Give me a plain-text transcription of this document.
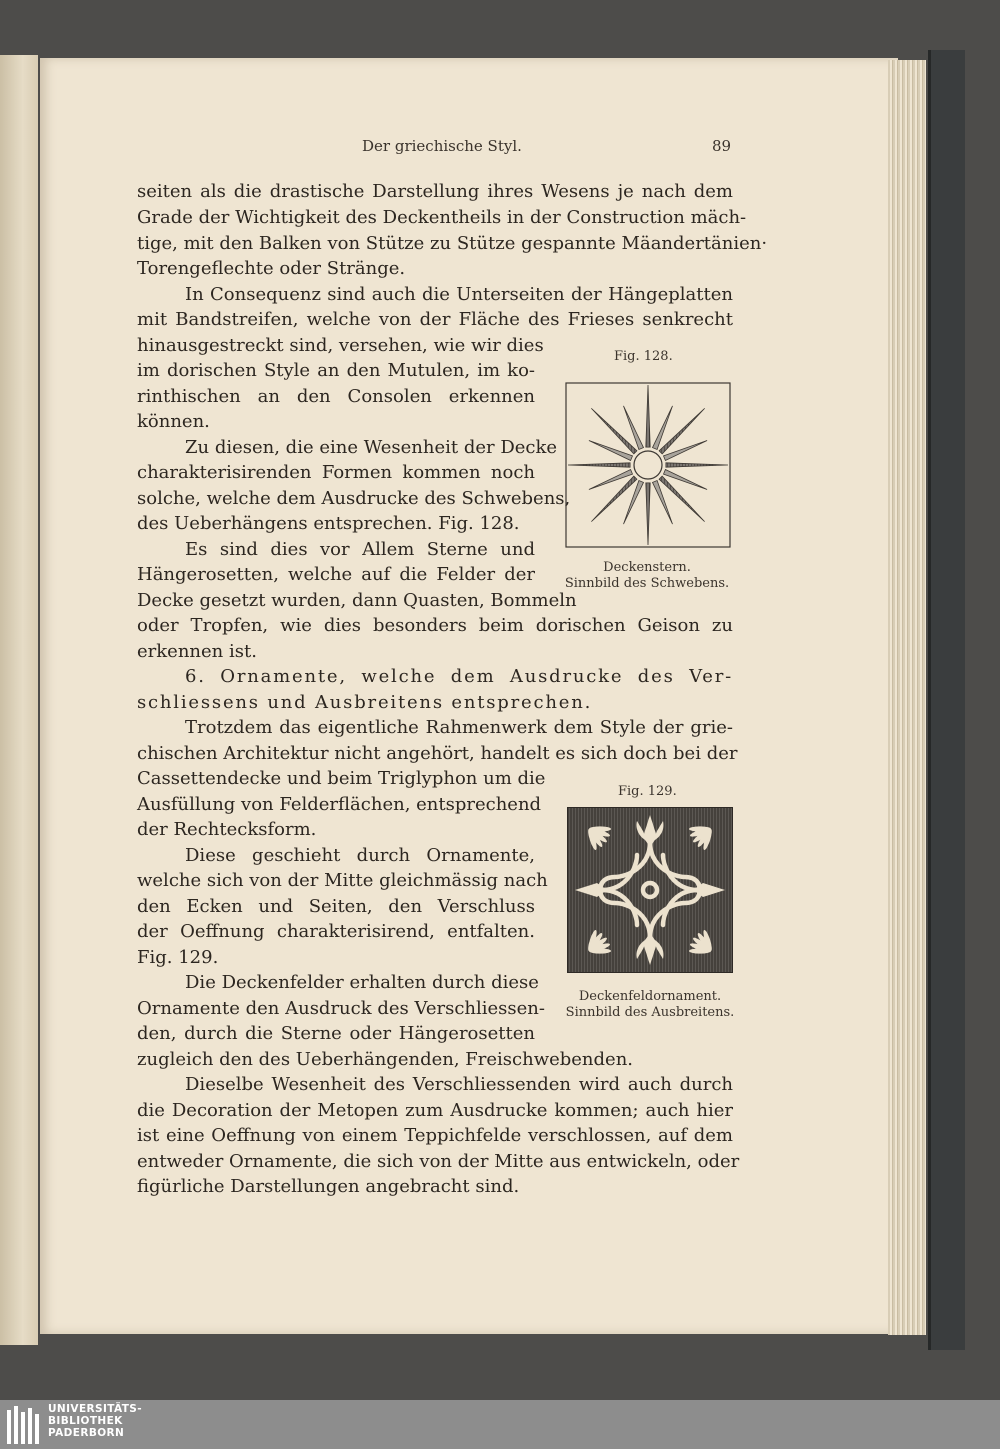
Der griechische Styl.	89

seiten als die drastische Darstellung ihres Wesens je nach dem

Grade der Wichtigkeit des Deckentheils in der Construction mäch-

tige, mit den Balken von Stütze zu Stütze gespannte Mäandertänien·

Torengeflechte oder Stränge.

In Consequenz sind auch die Unterseiten der Hängeplatten

mit Bandstreifen, welche von der Fläche des Frieses senkrecht

hinausgestreckt sind, versehen, wie wir dies

im dorischen Style an den Mutulen, im ko-

rinthischen an den Consolen erkennen

können.

Zu diesen, die eine Wesenheit der Decke

charakterisirenden Formen kommen noch

solche, welche dem Ausdrucke des Schwebens,

des Ueberhängens entsprechen. Fig. 128.

Es sind dies vor Allem Sterne und

Hängerosetten, welche auf die Felder der

Decke gesetzt wurden, dann Quasten, Bommeln

oder Tropfen, wie dies besonders beim dorischen Geison zu

erkennen ist.

6. Ornamente, welche dem Ausdrucke des Ver-

schliessens und Ausbreitens entsprechen.

Trotzdem das eigentliche Rahmenwerk dem Style der grie-

chischen Architektur nicht angehört, handelt es sich doch bei der

Cassettendecke und beim Triglyphon um die

Ausfüllung von Felderflächen, entsprechend

der Rechtecksform.

Diese geschieht durch Ornamente,

welche sich von der Mitte gleichmässig nach

den Ecken und Seiten, den Verschluss

der Oeffnung charakterisirend, entfalten.

Fig. 129.

Die Deckenfelder erhalten durch diese

Ornamente den Ausdruck des Verschliessen-

den, durch die Sterne oder Hängerosetten

zugleich den des Ueberhängenden, Freischwebenden.

Dieselbe Wesenheit des Verschliessenden wird auch durch

die Decoration der Metopen zum Ausdrucke kommen; auch hier

ist eine Oeffnung von einem Teppichfelde verschlossen, auf dem

entweder Ornamente, die sich von der Mitte aus entwickeln, oder

figürliche Darstellungen angebracht sind.

Fig. 128.
Deckenstern.
Sinnbild des Schwebens.
Fig. 129.
Deckenfeldornament.
Sinnbild des Ausbreitens.
UNIVERSITÄTS-
BIBLIOTHEK
PADERBORN
